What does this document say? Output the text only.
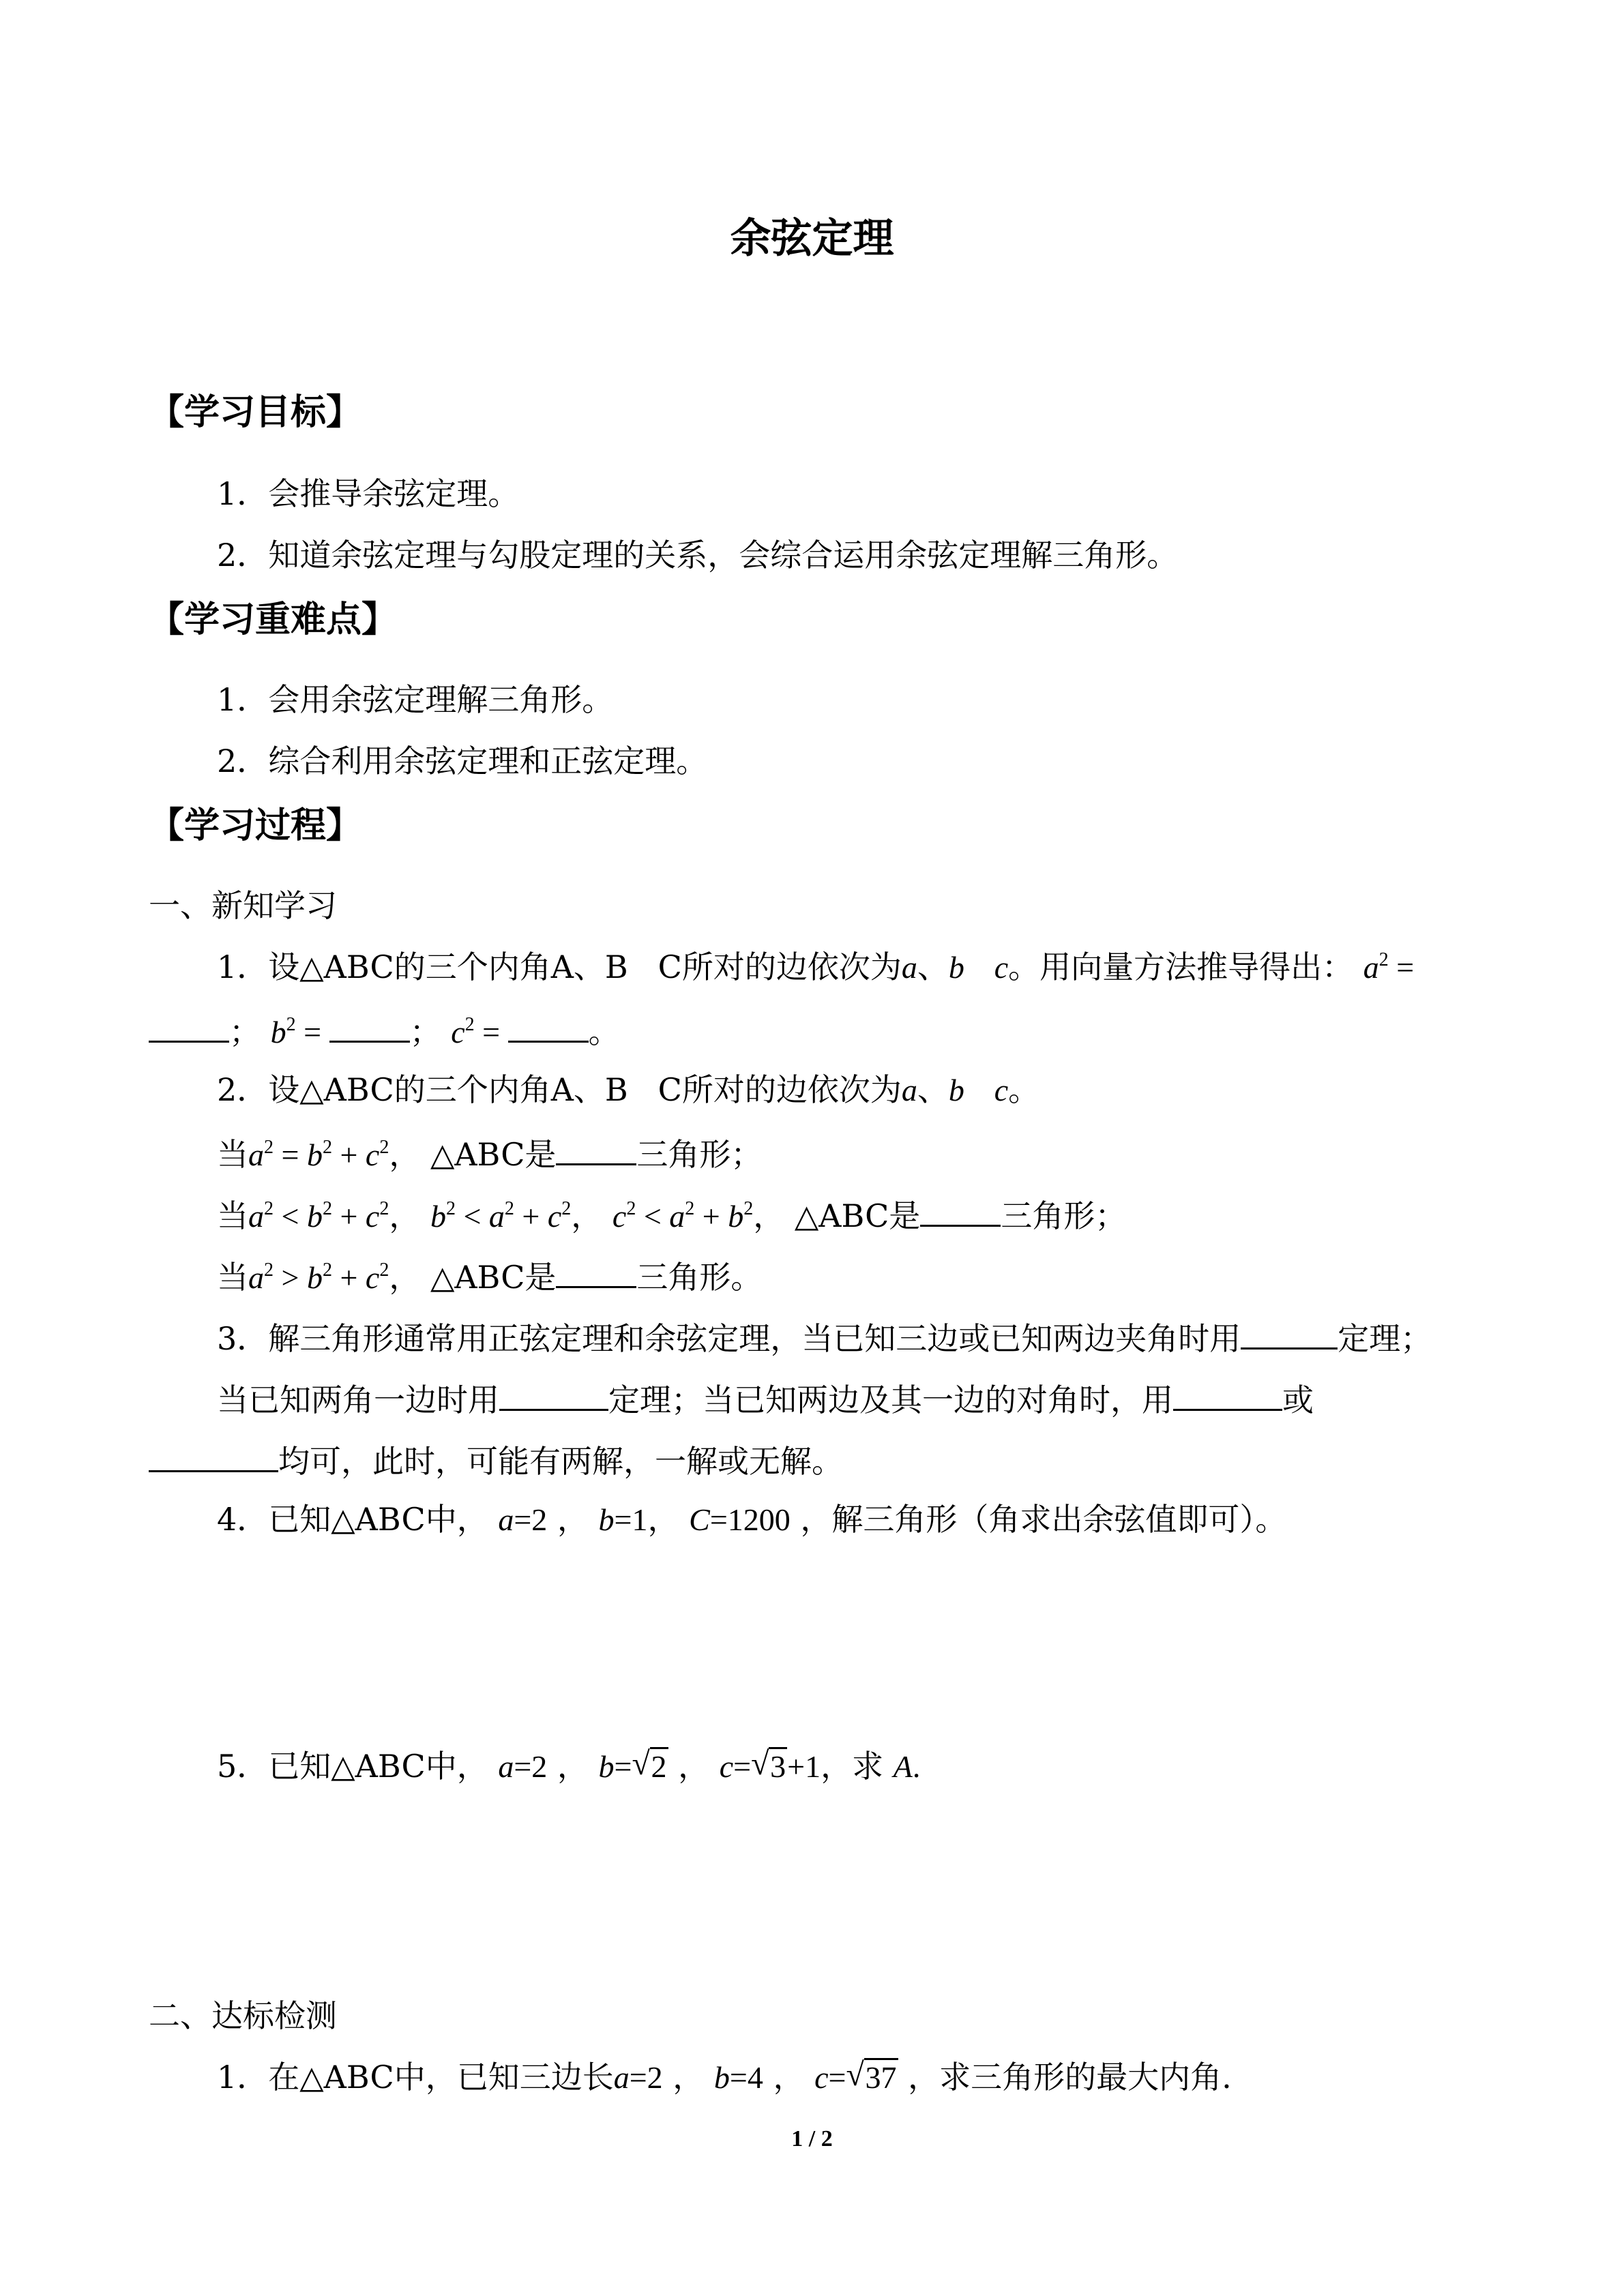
余弦定理
【学习目标】
1．会推导余弦定理。
2．知道余弦定理与勾股定理的关系，会综合运用余弦定理解三角形。
【学习重难点】
1．会用余弦定理解三角形。
2．综合利用余弦定理和正弦定理。
【学习过程】
一、新知学习
1．设△ABC的三个内角A、B C所对的边依次为a、b c。用向量方法推导得出： $a^2$ =
； $b^2$ =	； $c^2$ =	。
2．设△ABC的三个内角A、B C所对的边依次为a、b c。
当$a^2 = b^2 + c^2$， △ABC是	三角形；
当$a^2 < b^2 + c^2$， $b^2 < a^2 + c^2$， $c^2 < a^2 + b^2$， △ABC是	三角形；
当$a^2 > b^2 + c^2$， △ABC是	三角形。
3．解三角形通常用正弦定理和余弦定理，当已知三边或已知两边夹角时用	定理；
当已知两角一边时用	定理；当已知两边及其一边的对角时，用	或
均可，此时，可能有两解，一解或无解。
4．已知△ABC中， a=2 ， b=1， C=1200 ，解三角形（角求出余弦值即可）。
5．已知△ABC中， a=2 ， b= √ 2 ， c= √ 3+1，求 A.
二、达标检测
1．在△ABC中，已知三边长a=2 ， b=4 ， c= √ 37 ，求三角形的最大内角.
1 / 2
